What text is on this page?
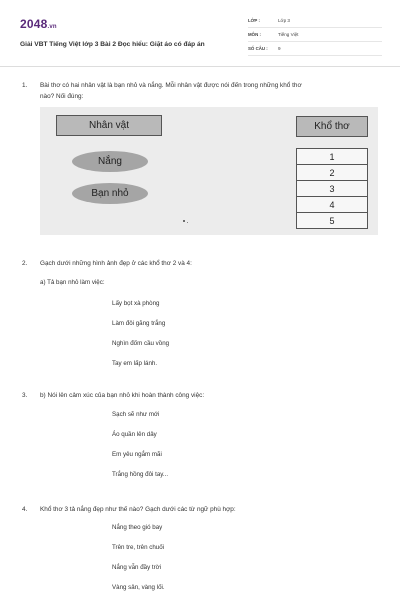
2048.vn
Giải VBT Tiếng Việt lớp 3 Bài 2 Đọc hiểu: Giặt áo có đáp án
LỚP :	Lớp 3
MÔN :	Tiếng Việt
SỐ CÂU :	9
1. Bài thơ có hai nhân vật là bạn nhỏ và nắng. Mỗi nhân vật được nói đến trong những khổ thơ
nào? Nối đúng:
Nhân vật	Khổ thơ
Nắng
Bạn nhỏ
1
2
3
4
5
2. Gạch dưới những hình ảnh đẹp ở các khổ thơ 2 và 4:
a) Tả bạn nhỏ làm việc:
Lấy bọt xà phòng
Làm đôi găng trắng
Nghìn đốm cầu vồng
Tay em lấp lánh.
3. b) Nói lên cảm xúc của bạn nhỏ khi hoàn thành công việc:
Sạch sẽ như mới
Áo quần lên dây
Em yêu ngắm mãi
Trắng hồng đôi tay...
4. Khổ thơ 3 tả nắng đẹp như thế nào? Gạch dưới các từ ngữ phù hợp:
Nắng theo gió bay
Trên tre, trên chuối
Nắng vẫn đầy trời
Vàng sân, vàng lối.
